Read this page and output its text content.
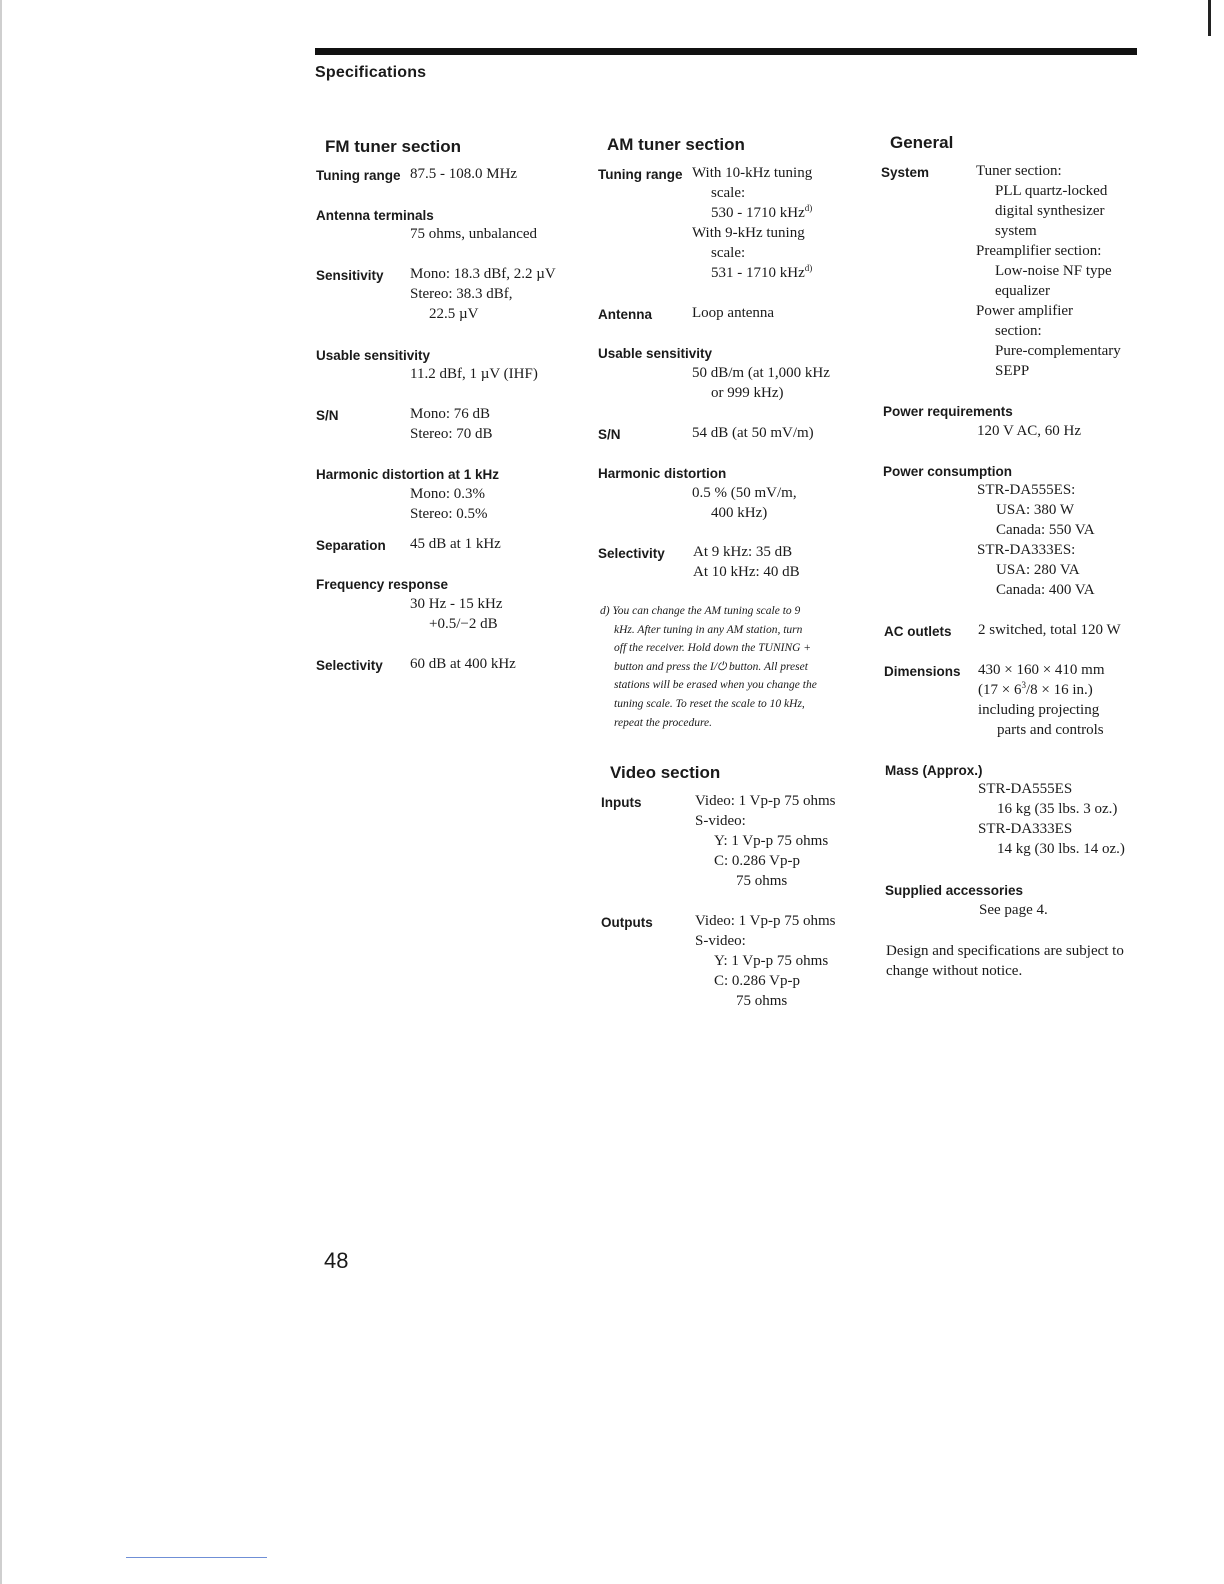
Specifications
FM tuner section
Tuning range 87.5 - 108.0 MHz
Antenna terminals
75 ohms, unbalanced
Sensitivity Mono: 18.3 dBf, 2.2 µV
Stereo: 38.3 dBf,
22.5 µV
Usable sensitivity
11.2 dBf, 1 µV (IHF)
S/N	Mono: 76 dB
Stereo: 70 dB
Harmonic distortion at 1 kHz
Mono: 0.3%
Stereo: 0.5%
Separation 45 dB at 1 kHz
Frequency response
30 Hz - 15 kHz
+0.5/−2 dB
Selectivity 60 dB at 400 kHz
AM tuner section
Tuning range With 10-kHz tuning
scale:
530 - 1710 kHz$^{d)}$
With 9-kHz tuning
scale:
531 - 1710 kHz$^{d)}$
Antenna	Loop antenna
Usable sensitivity
50 dB/m (at 1,000 kHz
or 999 kHz)
S/N	54 dB (at 50 mV/m)
Harmonic distortion
0.5 % (50 mV/m,
400 kHz)
Selectivity At 9 kHz: 35 dB
At 10 kHz: 40 dB
d) You can change the AM tuning scale to 9
kHz. After tuning in any AM station, turn
off the receiver. Hold down the TUNING +
button and press the I/⏻ button. All preset
stations will be erased when you change the
tuning scale. To reset the scale to 10 kHz,
repeat the procedure.
Video section
Inputs	Video: 1 Vp-p 75 ohms
S-video:
Y: 1 Vp-p 75 ohms
C: 0.286 Vp-p
75 ohms
Outputs	Video: 1 Vp-p 75 ohms
S-video:
Y: 1 Vp-p 75 ohms
C: 0.286 Vp-p
75 ohms
General
System	Tuner section:
PLL quartz-locked
digital synthesizer
system
Preamplifier section:
Low-noise NF type
equalizer
Power amplifier
section:
Pure-complementary
SEPP
Power requirements
120 V AC, 60 Hz
Power consumption
STR-DA555ES:
USA: 380 W
Canada: 550 VA
STR-DA333ES:
USA: 280 VA
Canada: 400 VA
AC outlets 2 switched, total 120 W
Dimensions 430 × 160 × 410 mm
($17 \times 6^3/8 \times 16$ in.)
including projecting
parts and controls
Mass (Approx.)
STR-DA555ES
16 kg (35 lbs. 3 oz.)
STR-DA333ES
14 kg (30 lbs. 14 oz.)
Supplied accessories
See page 4.
Design and specifications are subject to change without notice.
48
